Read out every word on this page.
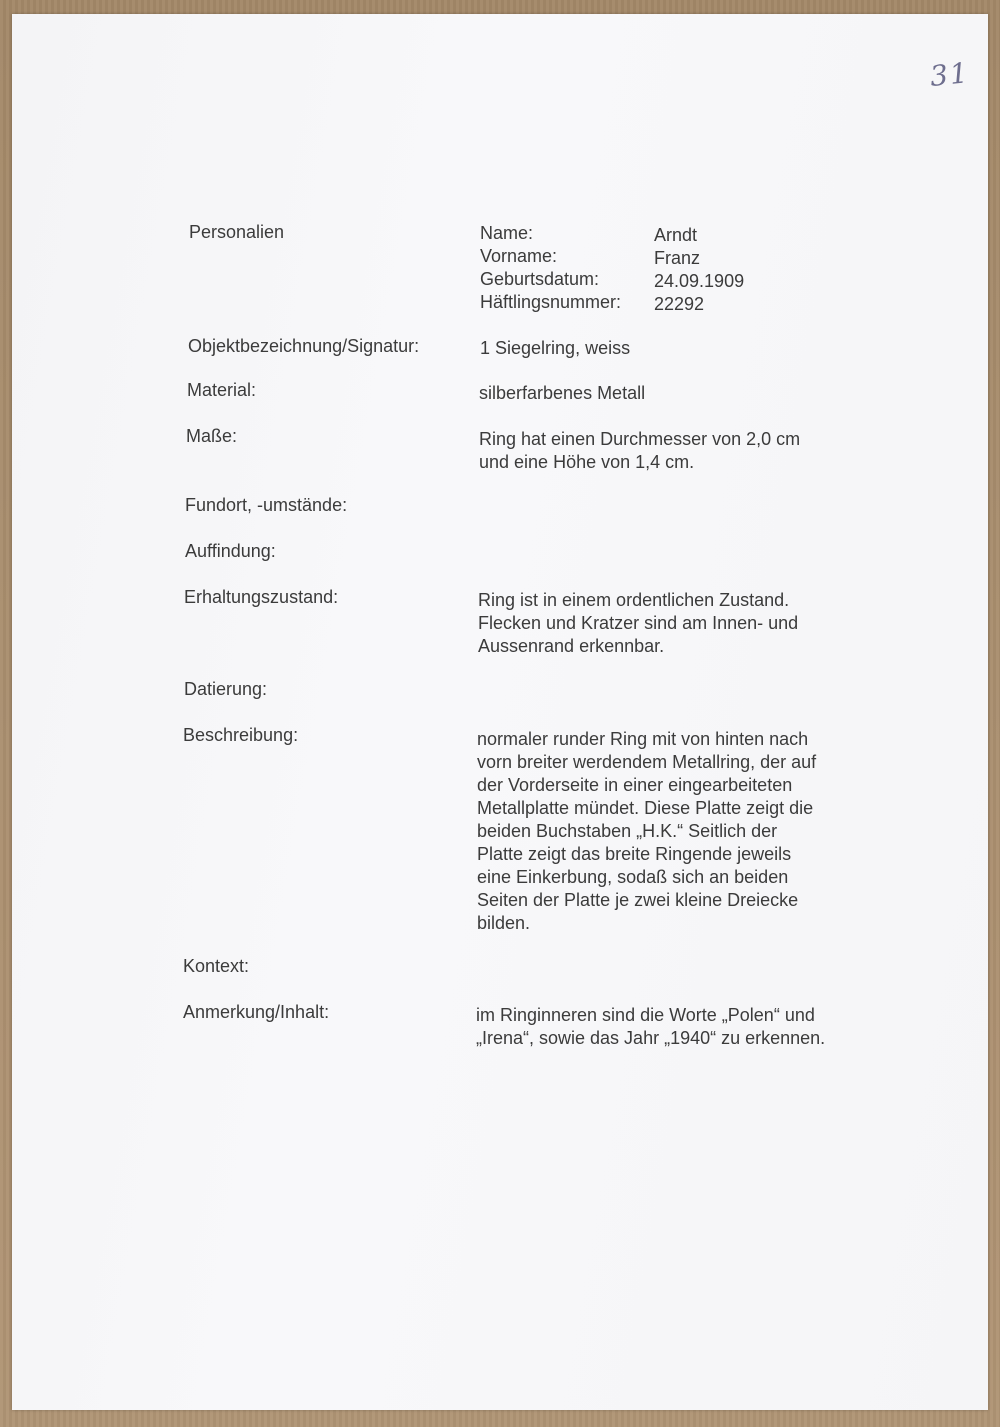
31
Personalien	Name:	Arndt
Vorname:	Franz
Geburtsdatum:	24.09.1909
Häftlingsnummer:	22292
Objektbezeichnung/Signatur:	1 Siegelring, weiss
Material:	silberfarbenes Metall
Maße:	Ring hat einen Durchmesser von 2,0 cm
und eine Höhe von 1,4 cm.
Fundort, -umstände:
Auffindung:
Erhaltungszustand:	Ring ist in einem ordentlichen Zustand.
Flecken und Kratzer sind am Innen- und
Aussenrand erkennbar.
Datierung:
Beschreibung:	normaler runder Ring mit von hinten nach
vorn breiter werdendem Metallring, der auf
der Vorderseite in einer eingearbeiteten
Metallplatte mündet. Diese Platte zeigt die
beiden Buchstaben „H.K.“ Seitlich der
Platte zeigt das breite Ringende jeweils
eine Einkerbung, sodaß sich an beiden
Seiten der Platte je zwei kleine Dreiecke
bilden.
Kontext:
Anmerkung/Inhalt:	im Ringinneren sind die Worte „Polen“ und
„Irena“, sowie das Jahr „1940“ zu erkennen.
